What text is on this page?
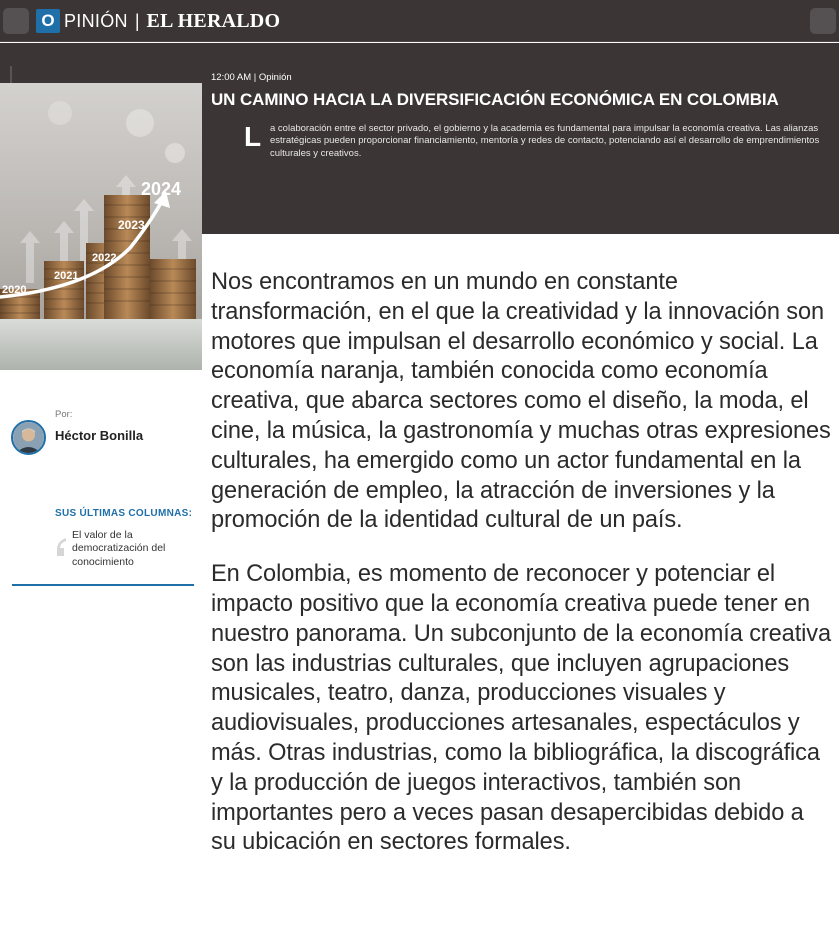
O PINIÓN | EL HERALDO
12:00 AM | Opinión
UN CAMINO HACIA LA DIVERSIFICACIÓN ECONÓMICA EN COLOMBIA
L a colaboración entre el sector privado, el gobierno y la academia es fundamental para impulsar la economía creativa. Las alianzas estratégicas pueden proporcionar financiamiento, mentoría y redes de contacto, potenciando así el desarrollo de emprendimientos culturales y creativos.

2020
2021
2022
2023
2024
Por:
Héctor Bonilla
SUS ÚLTIMAS COLUMNAS:
El valor de la democratización del conocimiento

Nos encontramos en un mundo en constante transformación, en el que la creatividad y la innovación son motores que impulsan el desarrollo económico y social. La economía naranja, también conocida como economía creativa, que abarca sectores como el diseño, la moda, el cine, la música, la gastronomía y muchas otras expresiones culturales, ha emergido como un actor fundamental en la generación de empleo, la atracción de inversiones y la promoción de la identidad cultural de un país.

En Colombia, es momento de reconocer y potenciar el impacto positivo que la economía creativa puede tener en nuestro panorama. Un subconjunto de la economía creativa son las industrias culturales, que incluyen agrupaciones musicales, teatro, danza, producciones visuales y audiovisuales, producciones artesanales, espectáculos y más. Otras industrias, como la bibliográfica, la discográfica y la producción de juegos interactivos, también son importantes pero a veces pasan desapercibidas debido a su ubicación en sectores formales.
